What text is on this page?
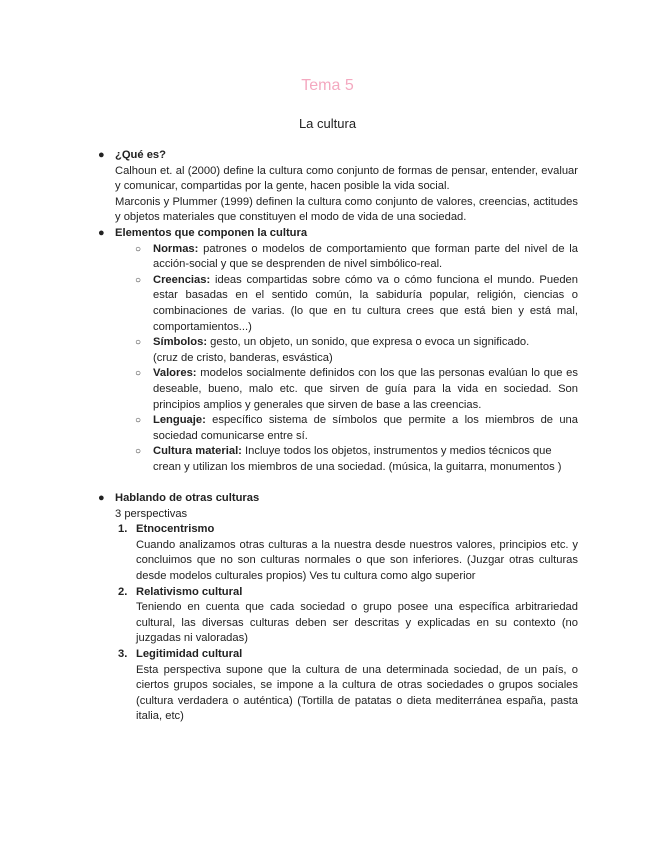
Tema 5
La cultura
● ¿Qué es?
Calhoun et. al (2000) define la cultura como conjunto de formas de pensar, entender, evaluar y comunicar, compartidas por la gente, hacen posible la vida social.
Marconis y Plummer (1999) definen la cultura como conjunto de valores, creencias, actitudes y objetos materiales que constituyen el modo de vida de una sociedad.
● Elementos que componen la cultura
○ Normas: patrones o modelos de comportamiento que forman parte del nivel de la acción-social y que se desprenden de nivel simbólico-real.
○ Creencias: ideas compartidas sobre cómo va o cómo funciona el mundo. Pueden estar basadas en el sentido común, la sabiduría popular, religión, ciencias o combinaciones de varias. (lo que en tu cultura crees que está bien y está mal, comportamientos...)
○ Símbolos: gesto, un objeto, un sonido, que expresa o evoca un significado.
(cruz de cristo, banderas, esvástica)
○ Valores: modelos socialmente definidos con los que las personas evalúan lo que es deseable, bueno, malo etc. que sirven de guía para la vida en sociedad. Son principios amplios y generales que sirven de base a las creencias.
○ Lenguaje: específico sistema de símbolos que permite a los miembros de una sociedad comunicarse entre sí.
○ Cultura material: Incluye todos los objetos, instrumentos y medios técnicos que crean y utilizan los miembros de una sociedad. (música, la guitarra, monumentos )
● Hablando de otras culturas
3 perspectivas
1. Etnocentrismo
Cuando analizamos otras culturas a la nuestra desde nuestros valores, principios etc. y concluimos que no son culturas normales o que son inferiores. (Juzgar otras culturas desde modelos culturales propios) Ves tu cultura como algo superior
2. Relativismo cultural
Teniendo en cuenta que cada sociedad o grupo posee una específica arbitrariedad cultural, las diversas culturas deben ser descritas y explicadas en su contexto (no juzgadas ni valoradas)
3. Legitimidad cultural
Esta perspectiva supone que la cultura de una determinada sociedad, de un país, o ciertos grupos sociales, se impone a la cultura de otras sociedades o grupos sociales (cultura verdadera o auténtica) (Tortilla de patatas o dieta mediterránea españa, pasta italia, etc)
